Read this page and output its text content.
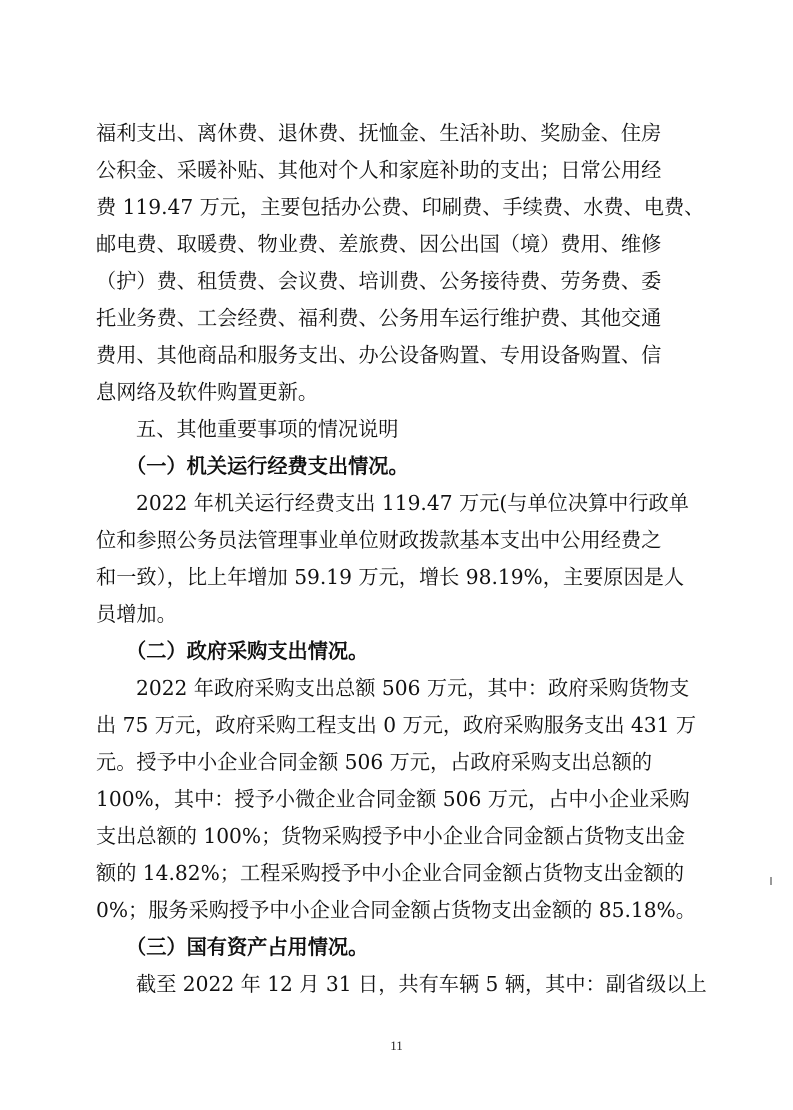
福利支出、离休费、退休费、抚恤金、生活补助、奖励金、住房
公积金、采暖补贴、其他对个人和家庭补助的支出；日常公用经
费 119.47 万元，主要包括办公费、印刷费、手续费、水费、电费、
邮电费、取暖费、物业费、差旅费、因公出国（境）费用、维修
（护）费、租赁费、会议费、培训费、公务接待费、劳务费、委
托业务费、工会经费、福利费、公务用车运行维护费、其他交通
费用、其他商品和服务支出、办公设备购置、专用设备购置、信
息网络及软件购置更新。
五、其他重要事项的情况说明
（一）机关运行经费支出情况。
2022 年机关运行经费支出 119.47 万元(与单位决算中行政单
位和参照公务员法管理事业单位财政拨款基本支出中公用经费之
和一致），比上年增加 59.19 万元，增长 98.19%，主要原因是人
员增加。
（二）政府采购支出情况。
2022 年政府采购支出总额 506 万元，其中：政府采购货物支
出 75 万元，政府采购工程支出 0 万元，政府采购服务支出 431 万
元。授予中小企业合同金额 506 万元，占政府采购支出总额的
100%，其中：授予小微企业合同金额 506 万元，占中小企业采购
支出总额的 100%；货物采购授予中小企业合同金额占货物支出金
额的 14.82%；工程采购授予中小企业合同金额占货物支出金额的
0%；服务采购授予中小企业合同金额占货物支出金额的 85.18%。
（三）国有资产占用情况。
截至 2022 年 12 月 31 日，共有车辆 5 辆，其中：副省级以上
11
